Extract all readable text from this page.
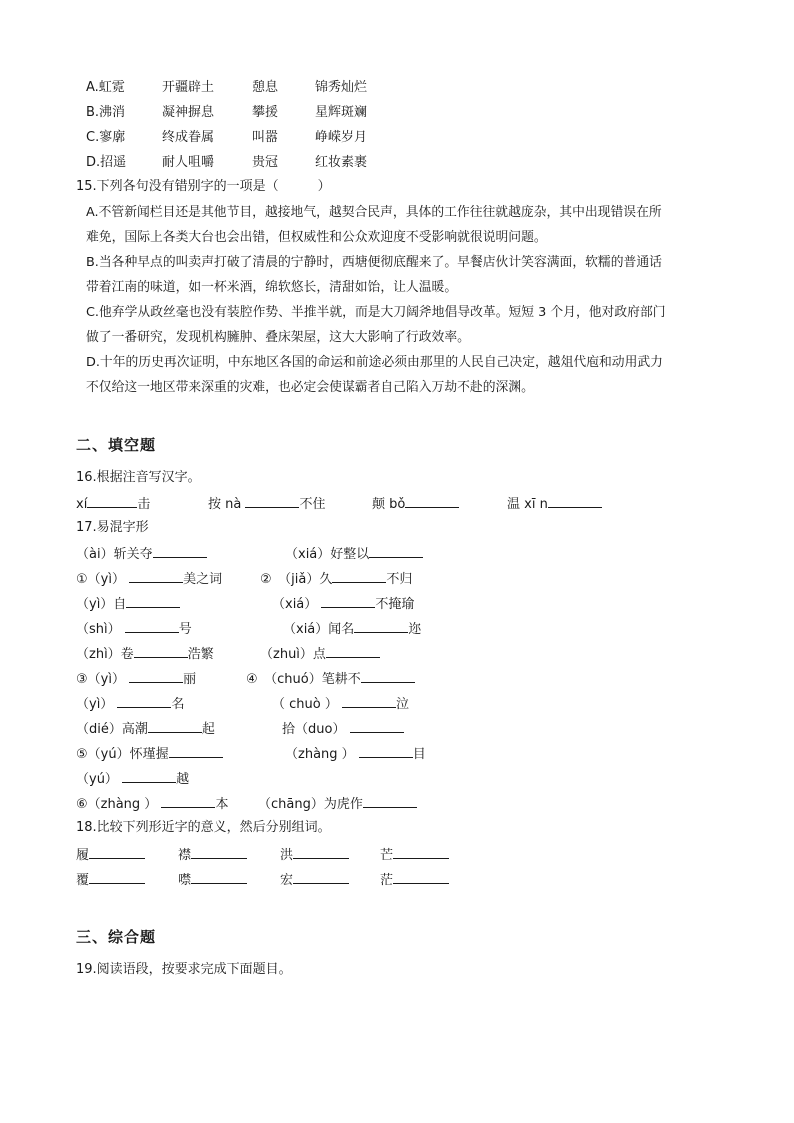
A.虹霓	开疆辟土	憩息	锦秀灿烂
B.沸消	凝神摒息	攀援	星辉斑斓
C.寥廓	终成眷属	叫嚣	峥嵘岁月
D.招遥	耐人咀嚼	贵冠	红妆素裹
15.下列各句没有错别字的一项是（　　　）
A.不管新闻栏目还是其他节目，越接地气，越契合民声，具体的工作往往就越庞杂，其中出现错误在所
难免，国际上各类大台也会出错，但权威性和公众欢迎度不受影响就很说明问题。
B.当各种早点的叫卖声打破了清晨的宁静时，西塘便彻底醒来了。早餐店伙计笑容满面，软糯的普通话
带着江南的味道，如一杯米酒，绵软悠长，清甜如饴，让人温暖。
C.他弃学从政丝毫也没有装腔作势、半推半就，而是大刀阔斧地倡导改革。短短 3 个月，他对政府部门
做了一番研究，发现机构臃肿、叠床架屋，这大大影响了行政效率。
D.十年的历史再次证明，中东地区各国的命运和前途必须由那里的人民自己决定，越俎代庖和动用武力
不仅给这一地区带来深重的灾难，也必定会使谋霸者自己陷入万劫不赴的深渊。
二、填空题
16.根据注音写汉字。
xí	击	按 nà	不住	颠 bǒ	温 xī n
17.易混字形
（ài）斩关夺	（xiá）好整以
①（yì）	美之词	②　（jiǎ）久	不归
（yì）自	（xiá）	不掩瑜
（shì）	号	（xiá）闻名	迩
（zhì）卷	浩繁	（zhuì）点
③（yì）	丽	④　（chuó）笔耕不
（yì）	名	（ chuò ）	泣
（dié）高潮	起	拾（duo）
⑤（yú）怀瑾握	（zhàng ）	目
（yú）	越
⑥（zhàng ）	本 （chāng）为虎作
18.比较下列形近字的意义，然后分别组词。
履	襟	洪	芒
覆	噤	宏	茫
三、综合题
19.阅读语段，按要求完成下面题目。
